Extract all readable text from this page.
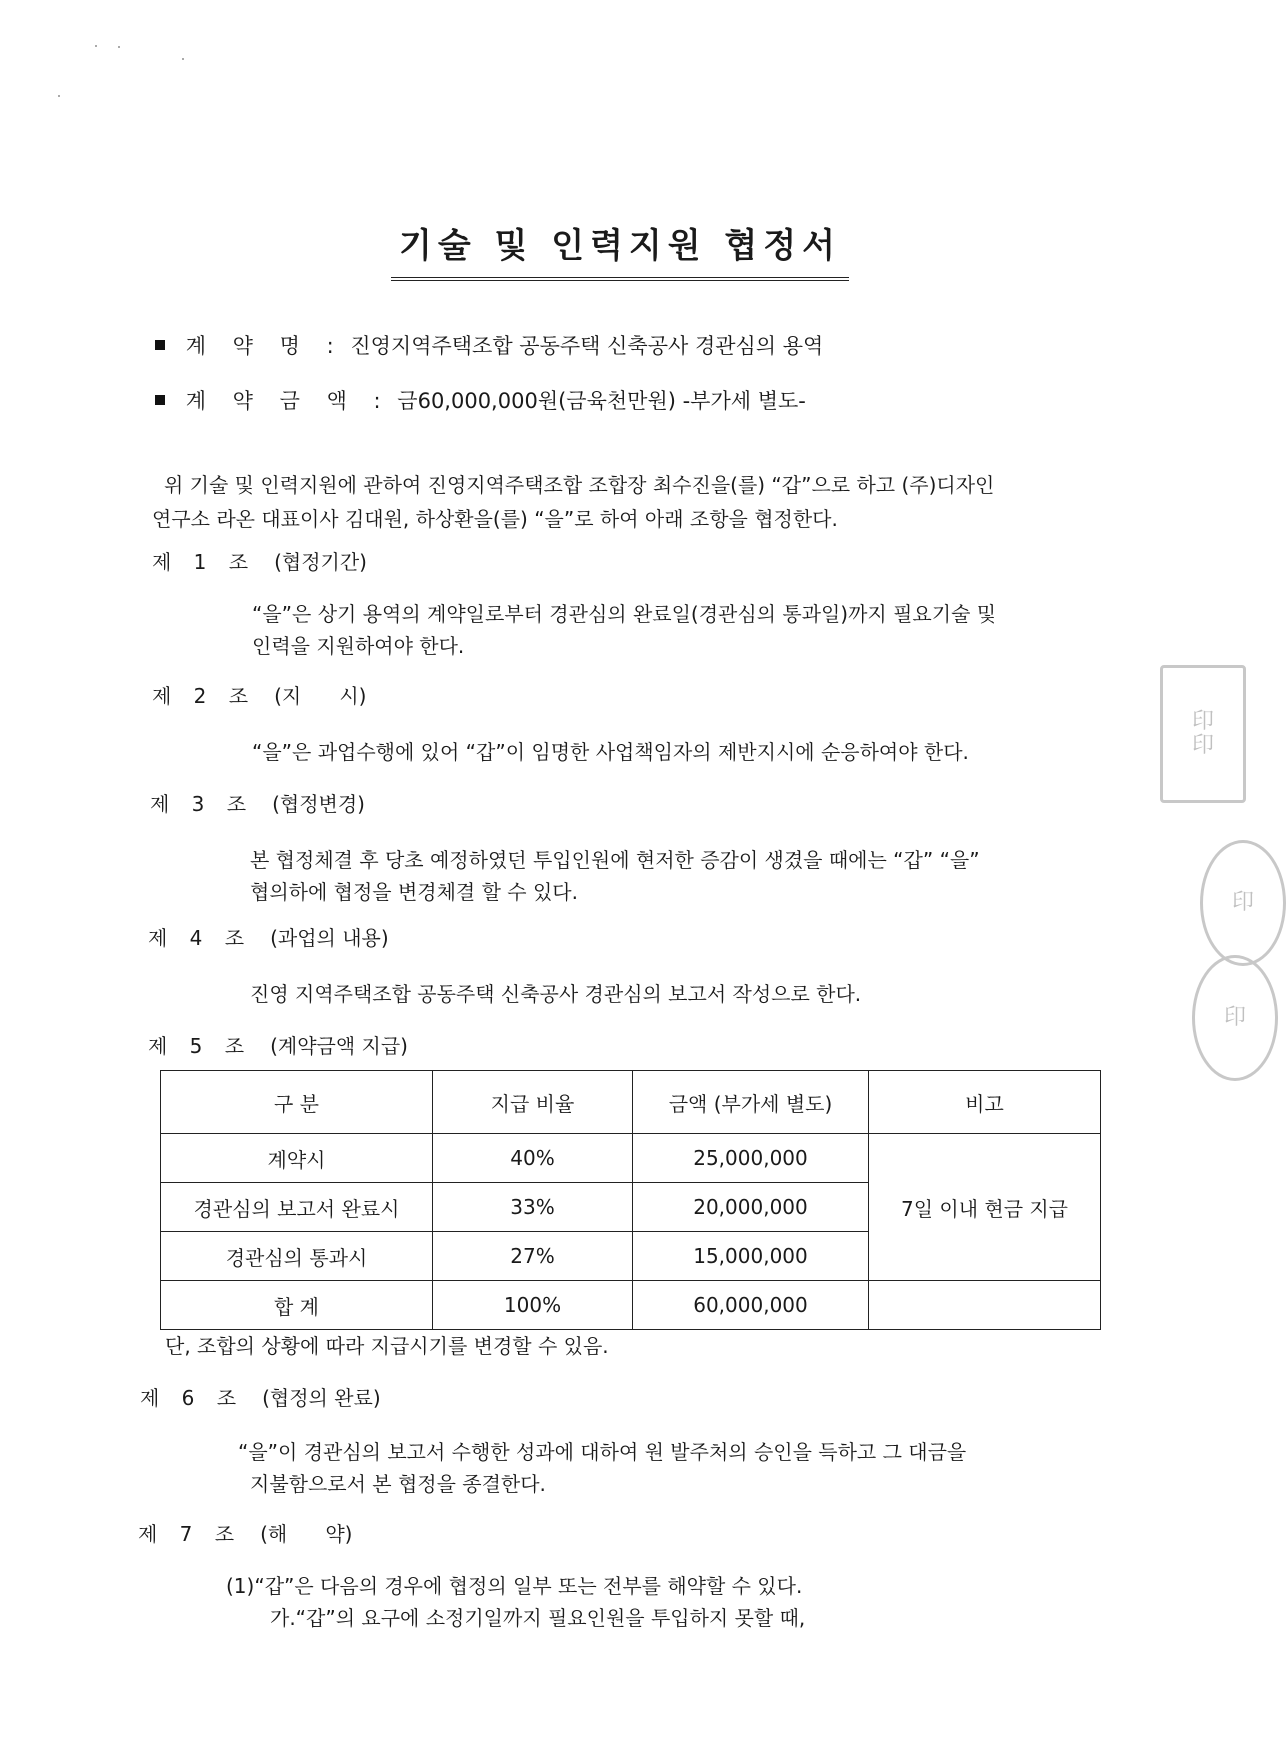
기술 및 인력지원 협정서
계 약 명 : 진영지역주택조합 공동주택 신축공사 경관심의 용역
계 약 금 액 : 금60,000,000원(금육천만원) -부가세 별도-
위 기술 및 인력지원에 관하여 진영지역주택조합 조합장 최수진을(를) “갑”으로 하고 (주)디자인
연구소 라온 대표이사 김대원, 하상환을(를) “을”로 하여 아래 조항을 협정한다.
제 1 조 (협정기간)
“을”은 상기 용역의 계약일로부터 경관심의 완료일(경관심의 통과일)까지 필요기술 및
인력을 지원하여야 한다.
제 2 조 (지      시)
“을”은 과업수행에 있어 “갑”이 임명한 사업책임자의 제반지시에 순응하여야 한다.
제 3 조 (협정변경)
본 협정체결 후 당초 예정하였던 투입인원에 현저한 증감이 생겼을 때에는 “갑” “을”
협의하에 협정을 변경체결 할 수 있다.
제 4 조 (과업의 내용)
진영 지역주택조합 공동주택 신축공사 경관심의 보고서 작성으로 한다.
제 5 조 (계약금액 지급)
구 분	지급 비율	금액 (부가세 별도)	비고
계약시	40%	25,000,000	7일 이내 현금 지급
경관심의 보고서 완료시	33%	20,000,000	
경관심의 통과시	27%	15,000,000	
합 계	100%	60,000,000	
단, 조합의 상황에 따라 지급시기를 변경할 수 있음.
제 6 조 (협정의 완료)
“을”이 경관심의 보고서 수행한 성과에 대하여 원 발주처의 승인을 득하고 그 대금을
지불함으로서 본 협정을 종결한다.
제 7 조 (해      약)
(1)“갑”은 다음의 경우에 협정의 일부 또는 전부를 해약할 수 있다.
가.“갑”의 요구에 소정기일까지 필요인원을 투입하지 못할 때,
印
印
印
印
